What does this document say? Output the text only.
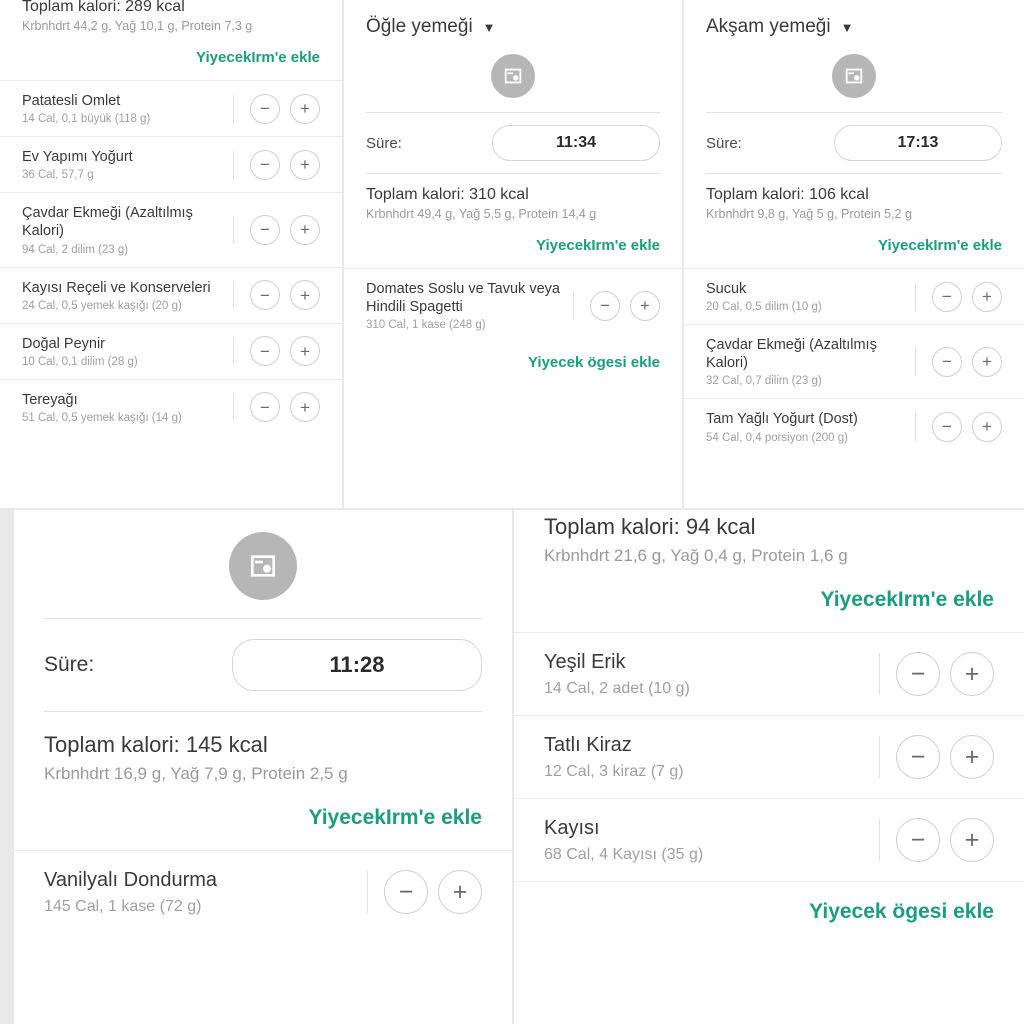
Toplam kalori: 289 kcal
Krbnhdrt 44,2 g, Yağ 10,1 g, Protein 7,3 g
YiyecekIrm'e ekle
Patatesli Omlet
14 Cal, 0,1 büyük (118 g)
−	+
Ev Yapımı Yoğurt
36 Cal, 57,7 g
−	+
Çavdar Ekmeği (Azaltılmış Kalori)
94 Cal, 2 dilim (23 g)
−	+
Kayısı Reçeli ve Konserveleri
24 Cal, 0,5 yemek kaşığı (20 g)
−	+
Doğal Peynir
10 Cal, 0,1 dilim (28 g)
−	+
Tereyağı
51 Cal, 0,5 yemek kaşığı (14 g)
−	+
Öğle yemeği ▼
Süre:	11:34
Toplam kalori: 310 kcal
Krbnhdrt 49,4 g, Yağ 5,5 g, Protein 14,4 g
YiyecekIrm'e ekle
Domates Soslu ve Tavuk veya Hindili Spagetti
310 Cal, 1 kase (248 g)
−	+
Yiyecek ögesi ekle
Akşam yemeği ▼
Süre:	17:13
Toplam kalori: 106 kcal
Krbnhdrt 9,8 g, Yağ 5 g, Protein 5,2 g
YiyecekIrm'e ekle
Sucuk
20 Cal, 0,5 dilim (10 g)
−	+
Çavdar Ekmeği (Azaltılmış Kalori)
32 Cal, 0,7 dilim (23 g)
−	+
Tam Yağlı Yoğurt (Dost)
54 Cal, 0,4 porsiyon (200 g)
−	+
Süre:	11:28
Toplam kalori: 145 kcal
Krbnhdrt 16,9 g, Yağ 7,9 g, Protein 2,5 g
YiyecekIrm'e ekle
Vanilyalı Dondurma
145 Cal, 1 kase (72 g)
−	+
Toplam kalori: 94 kcal
Krbnhdrt 21,6 g, Yağ 0,4 g, Protein 1,6 g
YiyecekIrm'e ekle
Yeşil Erik
14 Cal, 2 adet (10 g)
−	+
Tatlı Kiraz
12 Cal, 3 kiraz (7 g)
−	+
Kayısı
68 Cal, 4 Kayısı (35 g)
−	+
Yiyecek ögesi ekle
